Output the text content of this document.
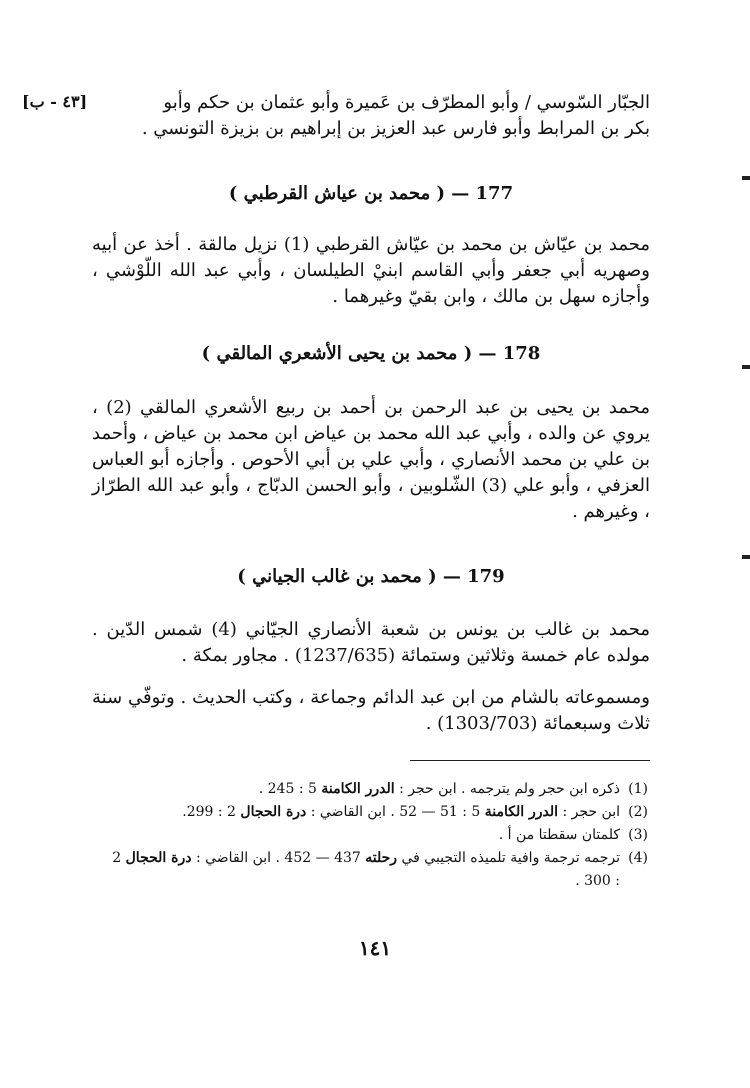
[٤٣ - ب]	الجبّار السّوسي / وأبو المطرّف بن عَميرة وأبو عثمان بن حكم وأبو

بكر بن المرابط وأبو فارس عبد العزيز بن إبراهيم بن بزيزة التونسي .

177 — ( محمد بن عياش القرطبي )

محمد بن عيّاش بن محمد بن عيّاش القرطبي (1) نزيل مالقة . أخذ عن أبيه وصهريه أبي جعفر وأبي القاسم ابنيْ الطيلسان ، وأبي عبد الله اللّوْشي ، وأجازه سهل بن مالك ، وابن بقيّ وغيرهما .

178 — ( محمد بن يحيى الأشعري المالقي )

محمد بن يحيى بن عبد الرحمن بن أحمد بن ربيع الأشعري المالقي (2) ، يروي عن والده ، وأبي عبد الله محمد بن عياض ابن محمد بن عياض ، وأحمد بن علي بن محمد الأنصاري ، وأبي علي بن أبي الأحوص . وأجازه أبو العباس العزفي ، وأبو علي (3) الشّلوبين ، وأبو الحسن الدبّاج ، وأبو عبد الله الطرّاز ، وغيرهم .

179 — ( محمد بن غالب الجياني )

محمد بن غالب بن يونس بن شعبة الأنصاري الجيّاني (4) شمس الدّين . مولده عام خمسة وثلاثين وستمائة (1237/635) . مجاور بمكة .

ومسموعاته بالشام من ابن عبد الدائم وجماعة ، وكتب الحديث . وتوفّي سنة ثلاث وسبعمائة (1303/703) .

(1)
ذكره ابن حجر ولم يترجمه . ابن حجر : الدرر الكامنة 5 : 245 .
(2)
ابن حجر : الدرر الكامنة 5 : 51 — 52 . ابن القاضي : درة الحجال 2 : 299.
(3)
كلمتان سقطتا من أ .
(4)
ترجمه ترجمة وافية تلميذه التجيبي في رحلته 437 — 452 . ابن القاضي : درة الحجال 2 : 300 .
١٤١
